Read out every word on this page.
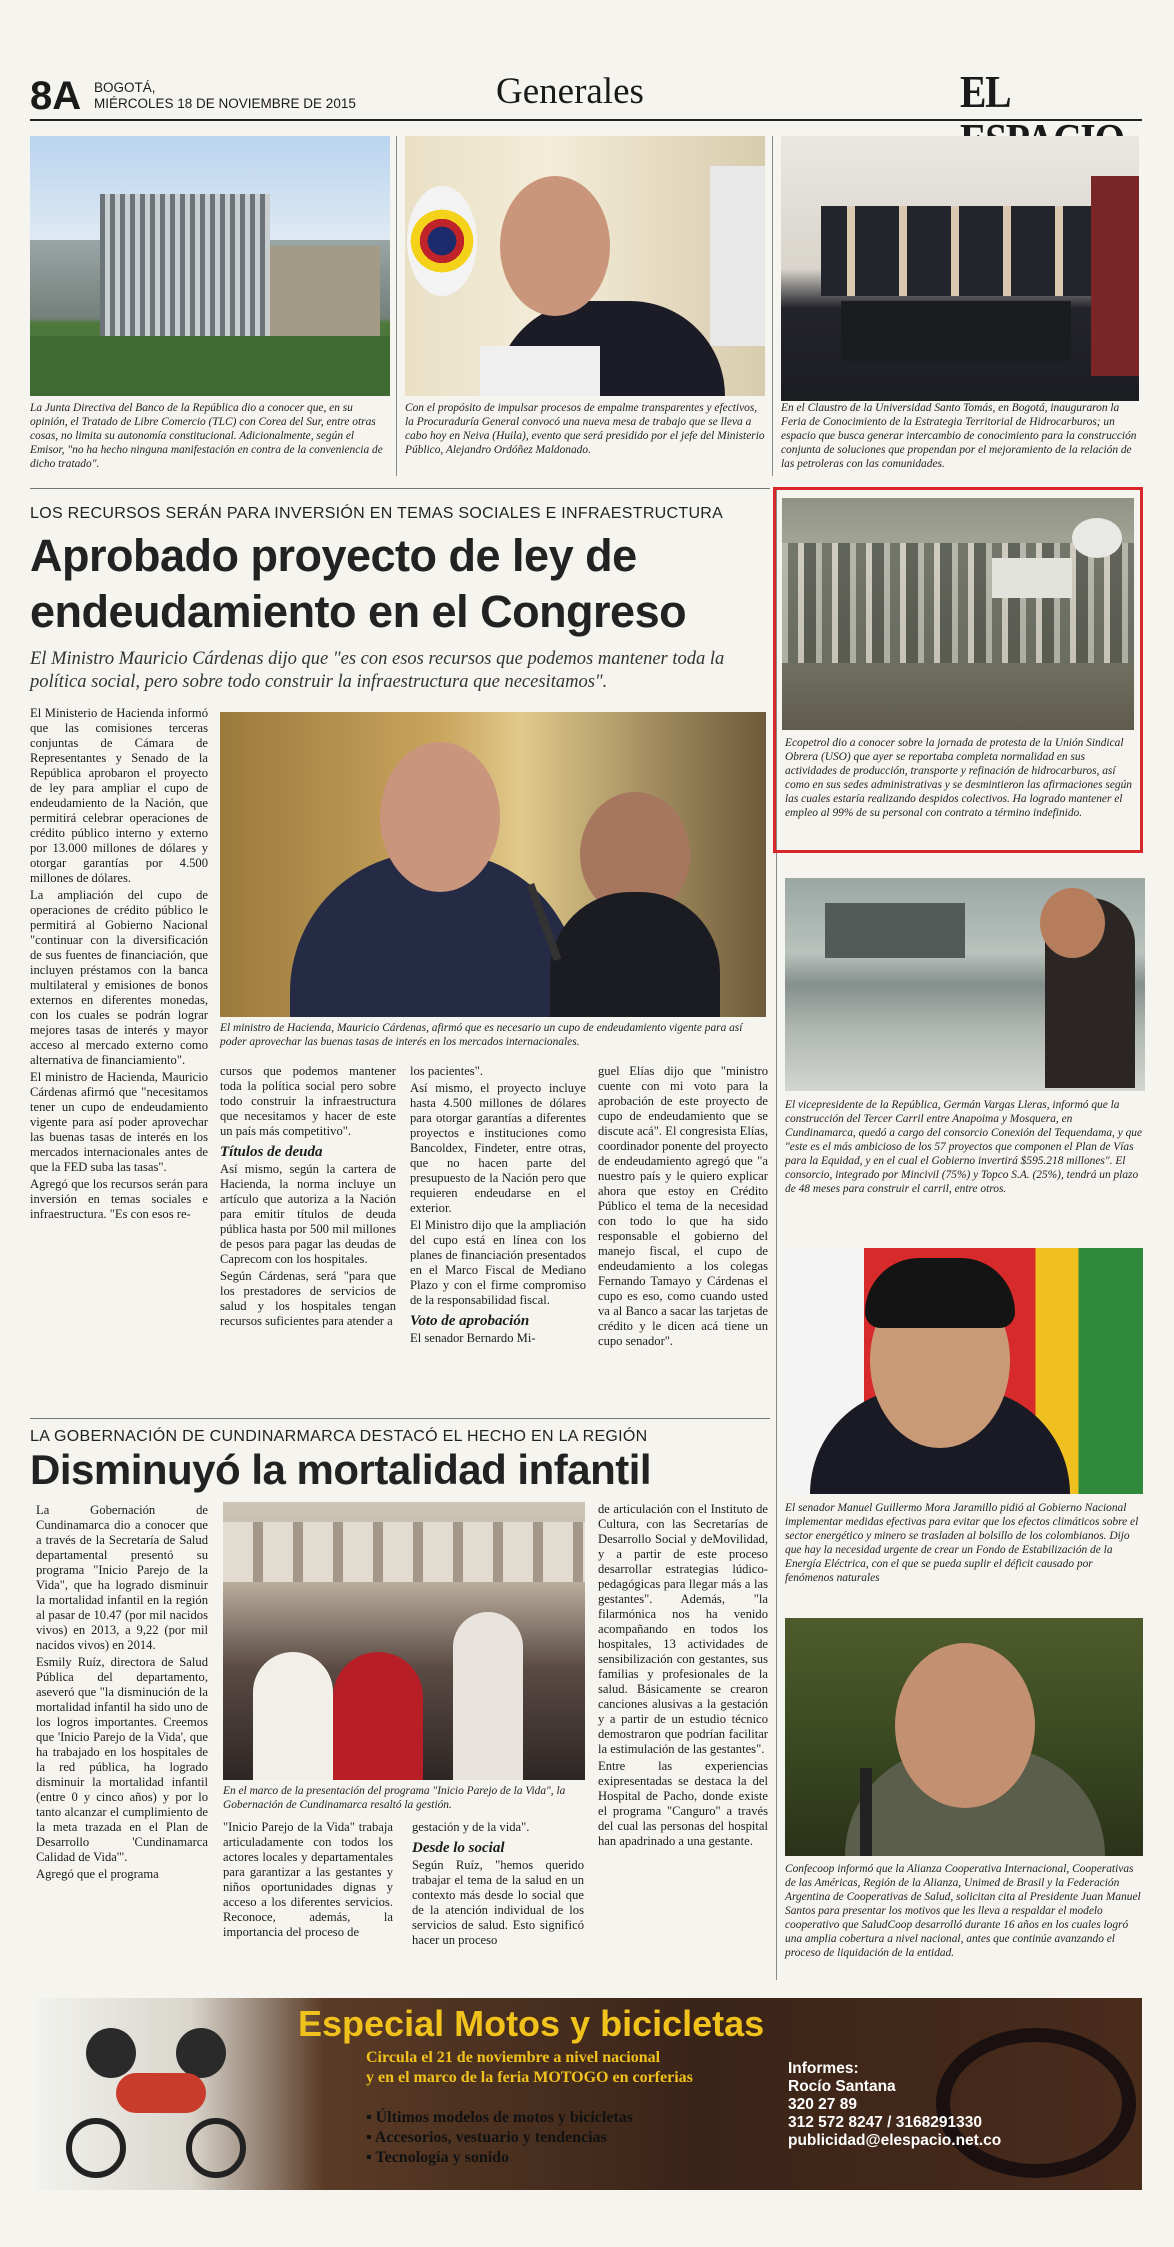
8A BOGOTÁ,
MIÉRCOLES 18 DE NOVIEMBRE DE 2015	Generales	EL
La Junta Directiva del Banco de la República dio a conocer que, en su opinión, el Tratado de Libre Comercio (TLC) con Corea del Sur, entre otras cosas, no limita su autonomía constitucional. Adicionalmente, según el Emisor, "no ha hecho ninguna manifestación en contra de la conveniencia de dicho tratado".
Con el propósito de impulsar procesos de empalme transparentes y efectivos, la Procuraduría General convocó una nueva mesa de trabajo que se lleva a cabo hoy en Neiva (Huila), evento que será presidido por el jefe del Ministerio Público, Alejandro Ordóñez Maldonado.
En el Claustro de la Universidad Santo Tomás, en Bogotá, inauguraron la Feria de Conocimiento de la Estrategia Territorial de Hidrocarburos; un espacio que busca generar intercambio de conocimiento para la construcción conjunta de soluciones que propendan por el mejoramiento de la relación de las petroleras con las comunidades.
LOS RECURSOS SERÁN PARA INVERSIÓN EN TEMAS SOCIALES E INFRAESTRUCTURA
Aprobado proyecto de ley de
endeudamiento en el Congreso
El Ministro Mauricio Cárdenas dijo que "es con esos recursos que podemos mantener toda la política social, pero sobre todo construir la infraestructura que necesitamos".

El Ministerio de Hacienda informó que las comisiones terceras conjuntas de Cámara de Representantes y Senado de la República aprobaron el proyecto de ley para ampliar el cupo de endeudamiento de la Nación, que permitirá celebrar operaciones de crédito público interno y externo por 13.000 millones de dólares y otorgar garantías por 4.500 millones de dólares.

La ampliación del cupo de operaciones de crédito público le permitirá al Gobierno Nacional "continuar con la diversificación de sus fuentes de financiación, que incluyen préstamos con la banca multilateral y emisiones de bonos externos en diferentes monedas, con los cuales se podrán lograr mejores tasas de interés y mayor acceso al mercado externo como alternativa de financiamiento".

El ministro de Hacienda, Mauricio Cárdenas afirmó que "necesitamos tener un cupo de endeudamiento vigente para así poder aprovechar las buenas tasas de interés en los mercados internacionales antes de que la FED suba las tasas".

Agregó que los recursos serán para inversión en temas sociales e infraestructura. "Es con esos re-

El ministro de Hacienda, Mauricio Cárdenas, afirmó que es necesario un cupo de endeudamiento vigente para así poder aprovechar las buenas tasas de interés en los mercados internacionales.

cursos que podemos mantener toda la política social pero sobre todo construir la infraestructura que necesitamos y hacer de este un país más competitivo".

Títulos de deuda

Así mismo, según la cartera de Hacienda, la norma incluye un artículo que autoriza a la Nación para emitir títulos de deuda pública hasta por 500 mil millones de pesos para pagar las deudas de Caprecom con los hospitales.

Según Cárdenas, será "para que los prestadores de servicios de salud y los hospitales tengan recursos suficientes para atender a

los pacientes".

Así mismo, el proyecto incluye hasta 4.500 millones de dólares para otorgar garantías a diferentes proyectos e instituciones como Bancoldex, Findeter, entre otras, que no hacen parte del presupuesto de la Nación pero que requieren endeudarse en el exterior.

El Ministro dijo que la ampliación del cupo está en línea con los planes de financiación presentados en el Marco Fiscal de Mediano Plazo y con el firme compromiso de la responsabilidad fiscal.

Voto de aprobación

El senador Bernardo Mi-

guel Elías dijo que "ministro cuente con mi voto para la aprobación de este proyecto de cupo de endeudamiento que se discute acá". El congresista Elías, coordinador ponente del proyecto de endeudamiento agregó que "a nuestro país y le quiero explicar ahora que estoy en Crédito Público el tema de la necesidad con todo lo que ha sido responsable el gobierno del manejo fiscal, el cupo de endeudamiento a los colegas Fernando Tamayo y Cárdenas el cupo es eso, como cuando usted va al Banco a sacar las tarjetas de crédito y le dicen acá tiene un cupo senador".

LA GOBERNACIÓN DE CUNDINARMARCA DESTACÓ EL HECHO EN LA REGIÓN
Disminuyó la mortalidad infantil

La Gobernación de Cundinamarca dio a conocer que a través de la Secretaría de Salud departamental presentó su programa "Inicio Parejo de la Vida", que ha logrado disminuir la mortalidad infantil en la región al pasar de 10.47 (por mil nacidos vivos) en 2013, a 9,22 (por mil nacidos vivos) en 2014.

Esmily Ruíz, directora de Salud Pública del departamento, aseveró que "la disminución de la mortalidad infantil ha sido uno de los logros importantes. Creemos que 'Inicio Parejo de la Vida', que ha trabajado en los hospitales de la red pública, ha logrado disminuir la mortalidad infantil (entre 0 y cinco años) y por lo tanto alcanzar el cumplimiento de la meta trazada en el Plan de Desarrollo 'Cundinamarca Calidad de Vida'".

Agregó que el programa

En el marco de la presentación del programa "Inicio Parejo de la Vida", la Gobernación de Cundinamarca resaltó la gestión.

"Inicio Parejo de la Vida" trabaja articuladamente con todos los actores locales y departamentales para garantizar a las gestantes y niños oportunidades dignas y acceso a los diferentes servicios. Reconoce, además, la importancia del proceso de

gestación y de la vida".

Desde lo social

Según Ruíz, "hemos querido trabajar el tema de la salud en un contexto más desde lo social que de la atención individual de los servicios de salud. Esto significó hacer un proceso

de articulación con el Instituto de Cultura, con las Secretarías de Desarrollo Social y deMovilidad, y a partir de este proceso desarrollar estrategias lúdico-pedagógicas para llegar más a las gestantes". Además, "la filarmónica nos ha venido acompañando en todos los hospitales, 13 actividades de sensibilización con gestantes, sus familias y profesionales de la salud. Básicamente se crearon canciones alusivas a la gestación y a partir de un estudio técnico demostraron que podrían facilitar la estimulación de las gestantes".

Entre las experiencias exipresentadas se destaca la del Hospital de Pacho, donde existe el programa "Canguro" a través del cual las personas del hospital han apadrinado a una gestante.

Ecopetrol dio a conocer sobre la jornada de protesta de la Unión Sindical Obrera (USO) que ayer se reportaba completa normalidad en sus actividades de producción, transporte y refinación de hidrocarburos, así como en sus sedes administrativas y se desmintieron las afirmaciones según las cuales estaría realizando despidos colectivos. Ha logrado mantener el empleo al 99% de su personal con contrato a término indefinido.
El vicepresidente de la República, Germán Vargas Lleras, informó que la construcción del Tercer Carril entre Anapoima y Mosquera, en Cundinamarca, quedó a cargo del consorcio Conexión del Tequendama, y que "este es el más ambicioso de los 57 proyectos que componen el Plan de Vías para la Equidad, y en el cual el Gobierno invertirá $595.218 millones". El consorcio, integrado por Mincivil (75%) y Topco S.A. (25%), tendrá un plazo de 48 meses para construir el carril, entre otros.
El senador Manuel Guillermo Mora Jaramillo pidió al Gobierno Nacional implementar medidas efectivas para evitar que los efectos climáticos sobre el sector energético y minero se trasladen al bolsillo de los colombianos. Dijo que hay la necesidad urgente de crear un Fondo de Estabilización de la Energía Eléctrica, con el que se pueda suplir el déficit causado por fenómenos naturales
Confecoop informó que la Alianza Cooperativa Internacional, Cooperativas de las Américas, Región de la Alianza, Unimed de Brasil y la Federación Argentina de Cooperativas de Salud, solicitan cita al Presidente Juan Manuel Santos para presentar los motivos que les lleva a respaldar el modelo cooperativo que SaludCoop desarrolló durante 16 años en los cuales logró una amplia cobertura a nivel nacional, antes que continúe avanzando el proceso de liquidación de la entidad.
Especial Motos y bicicletas
Circula el 21 de noviembre a nivel nacional
y en el marco de la feria MOTOGO en corferias
▪ Últimos modelos de motos y bicicletas
▪ Accesorios, vestuario y tendencias
▪ Tecnología y sonido
Informes:
Rocío Santana
320 27 89
312 572 8247 / 3168291330
publicidad@elespacio.net.co
